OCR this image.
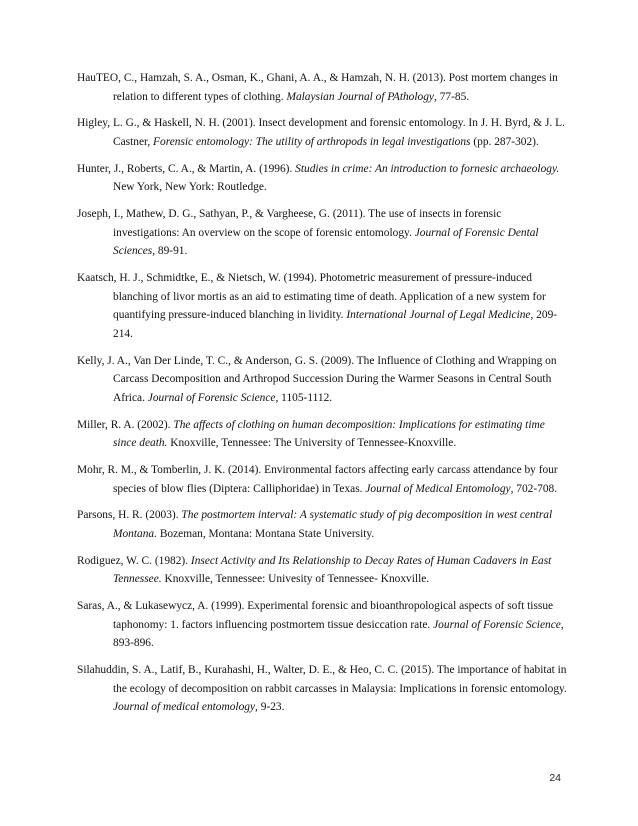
HauTEO, C., Hamzah, S. A., Osman, K., Ghani, A. A., & Hamzah, N. H. (2013). Post mortem changes in relation to different types of clothing. Malaysian Journal of PAthology, 77-85.

Higley, L. G., & Haskell, N. H. (2001). Insect development and forensic entomology. In J. H. Byrd, & J. L. Castner, Forensic entomology: The utility of arthropods in legal investigations (pp. 287-302).

Hunter, J., Roberts, C. A., & Martin, A. (1996). Studies in crime: An introduction to fornesic archaeology. New York, New York: Routledge.

Joseph, I., Mathew, D. G., Sathyan, P., & Vargheese, G. (2011). The use of insects in forensic investigations: An overview on the scope of forensic entomology. Journal of Forensic Dental Sciences, 89-91.

Kaatsch, H. J., Schmidtke, E., & Nietsch, W. (1994). Photometric measurement of pressure-induced blanching of livor mortis as an aid to estimating time of death. Application of a new system for quantifying pressure-induced blanching in lividity. International Journal of Legal Medicine, 209-214.

Kelly, J. A., Van Der Linde, T. C., & Anderson, G. S. (2009). The Influence of Clothing and Wrapping on Carcass Decomposition and Arthropod Succession During the Warmer Seasons in Central South Africa. Journal of Forensic Science, 1105-1112.

Miller, R. A. (2002). The affects of clothing on human decomposition: Implications for estimating time since death. Knoxville, Tennessee: The University of Tennessee-Knoxville.

Mohr, R. M., & Tomberlin, J. K. (2014). Environmental factors affecting early carcass attendance by four species of blow flies (Diptera: Calliphoridae) in Texas. Journal of Medical Entomology, 702-708.

Parsons, H. R. (2003). The postmortem interval: A systematic study of pig decomposition in west central Montana. Bozeman, Montana: Montana State University.

Rodiguez, W. C. (1982). Insect Activity and Its Relationship to Decay Rates of Human Cadavers in East Tennessee. Knoxville, Tennessee: Univesity of Tennessee- Knoxville.

Saras, A., & Lukasewycz, A. (1999). Experimental forensic and bioanthropological aspects of soft tissue taphonomy: 1. factors influencing postmortem tissue desiccation rate. Journal of Forensic Science, 893-896.

Silahuddin, S. A., Latif, B., Kurahashi, H., Walter, D. E., & Heo, C. C. (2015). The importance of habitat in the ecology of decomposition on rabbit carcasses in Malaysia: Implications in forensic entomology. Journal of medical entomology, 9-23.

24
